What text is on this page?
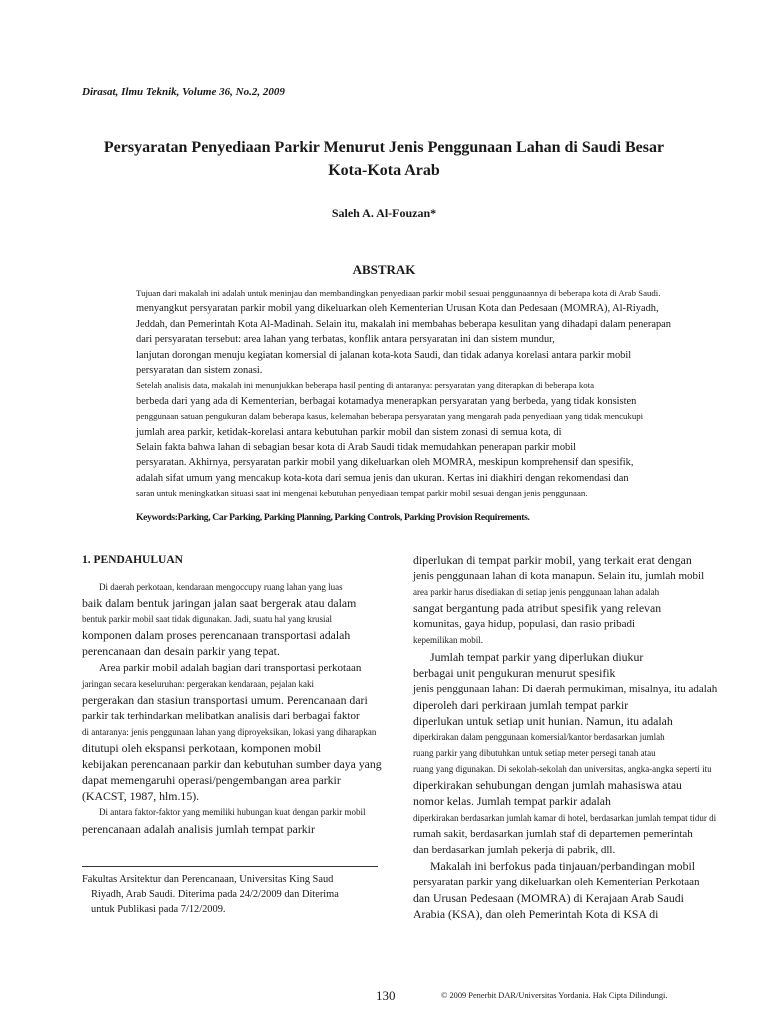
Dirasat, Ilmu Teknik, Volume 36, No.2, 2009
Persyaratan Penyediaan Parkir Menurut Jenis Penggunaan Lahan di Saudi Besar
Kota-Kota Arab
Saleh A. Al-Fouzan*
ABSTRAK

Tujuan dari makalah ini adalah untuk meninjau dan membandingkan penyediaan parkir mobil sesuai penggunaannya di beberapa kota di Arab Saudi.

menyangkut persyaratan parkir mobil yang dikeluarkan oleh Kementerian Urusan Kota dan Pedesaan (MOMRA), Al-Riyadh,

Jeddah, dan Pemerintah Kota Al-Madinah. Selain itu, makalah ini membahas beberapa kesulitan yang dihadapi dalam penerapan

dari persyaratan tersebut: area lahan yang terbatas, konflik antara persyaratan ini dan sistem mundur,

lanjutan dorongan menuju kegiatan komersial di jalanan kota-kota Saudi, dan tidak adanya korelasi antara parkir mobil

persyaratan dan sistem zonasi.

Setelah analisis data, makalah ini menunjukkan beberapa hasil penting di antaranya: persyaratan yang diterapkan di beberapa kota

berbeda dari yang ada di Kementerian, berbagai kotamadya menerapkan persyaratan yang berbeda, yang tidak konsisten

penggunaan satuan pengukuran dalam beberapa kasus, kelemahan beberapa persyaratan yang mengarah pada penyediaan yang tidak mencukupi

jumlah area parkir, ketidak-korelasi antara kebutuhan parkir mobil dan sistem zonasi di semua kota, di

Selain fakta bahwa lahan di sebagian besar kota di Arab Saudi tidak memudahkan penerapan parkir mobil

persyaratan. Akhirnya, persyaratan parkir mobil yang dikeluarkan oleh MOMRA, meskipun komprehensif dan spesifik,

adalah sifat umum yang mencakup kota-kota dari semua jenis dan ukuran. Kertas ini diakhiri dengan rekomendasi dan

saran untuk meningkatkan situasi saat ini mengenai kebutuhan penyediaan tempat parkir mobil sesuai dengan jenis penggunaan.

Keywords:Parking, Car Parking, Parking Planning, Parking Controls, Parking Provision Requirements.

1. PENDAHULUAN

Di daerah perkotaan, kendaraan mengoccupy ruang lahan yang luas

baik dalam bentuk jaringan jalan saat bergerak atau dalam

bentuk parkir mobil saat tidak digunakan. Jadi, suatu hal yang krusial

komponen dalam proses perencanaan transportasi adalah

perencanaan dan desain parkir yang tepat.

Area parkir mobil adalah bagian dari transportasi perkotaan

jaringan secara keseluruhan: pergerakan kendaraan, pejalan kaki

pergerakan dan stasiun transportasi umum. Perencanaan dari

parkir tak terhindarkan melibatkan analisis dari berbagai faktor

di antaranya: jenis penggunaan lahan yang diproyeksikan, lokasi yang diharapkan

ditutupi oleh ekspansi perkotaan, komponen mobil

kebijakan perencanaan parkir dan kebutuhan sumber daya yang

dapat memengaruhi operasi/pengembangan area parkir

(KACST, 1987, hlm.15).

Di antara faktor-faktor yang memiliki hubungan kuat dengan parkir mobil

perencanaan adalah analisis jumlah tempat parkir

Fakultas Arsitektur dan Perencanaan, Universitas King Saud
Riyadh, Arab Saudi. Diterima pada 24/2/2009 dan Diterima
untuk Publikasi pada 7/12/2009.

diperlukan di tempat parkir mobil, yang terkait erat dengan

jenis penggunaan lahan di kota manapun. Selain itu, jumlah mobil

area parkir harus disediakan di setiap jenis penggunaan lahan adalah

sangat bergantung pada atribut spesifik yang relevan

komunitas, gaya hidup, populasi, dan rasio pribadi

kepemilikan mobil.

Jumlah tempat parkir yang diperlukan diukur

berbagai unit pengukuran menurut spesifik

jenis penggunaan lahan: Di daerah permukiman, misalnya, itu adalah

diperoleh dari perkiraan jumlah tempat parkir

diperlukan untuk setiap unit hunian. Namun, itu adalah

diperkirakan dalam penggunaan komersial/kantor berdasarkan jumlah

ruang parkir yang dibutuhkan untuk setiap meter persegi tanah atau

ruang yang digunakan. Di sekolah-sekolah dan universitas, angka-angka seperti itu

diperkirakan sehubungan dengan jumlah mahasiswa atau

nomor kelas. Jumlah tempat parkir adalah

diperkirakan berdasarkan jumlah kamar di hotel, berdasarkan jumlah tempat tidur di

rumah sakit, berdasarkan jumlah staf di departemen pemerintah

dan berdasarkan jumlah pekerja di pabrik, dll.

Makalah ini berfokus pada tinjauan/perbandingan mobil

persyaratan parkir yang dikeluarkan oleh Kementerian Perkotaan

dan Urusan Pedesaan (MOMRA) di Kerajaan Arab Saudi

Arabia (KSA), dan oleh Pemerintah Kota di KSA di

130	© 2009 Penerbit DAR/Universitas Yordania. Hak Cipta Dilindungi.
